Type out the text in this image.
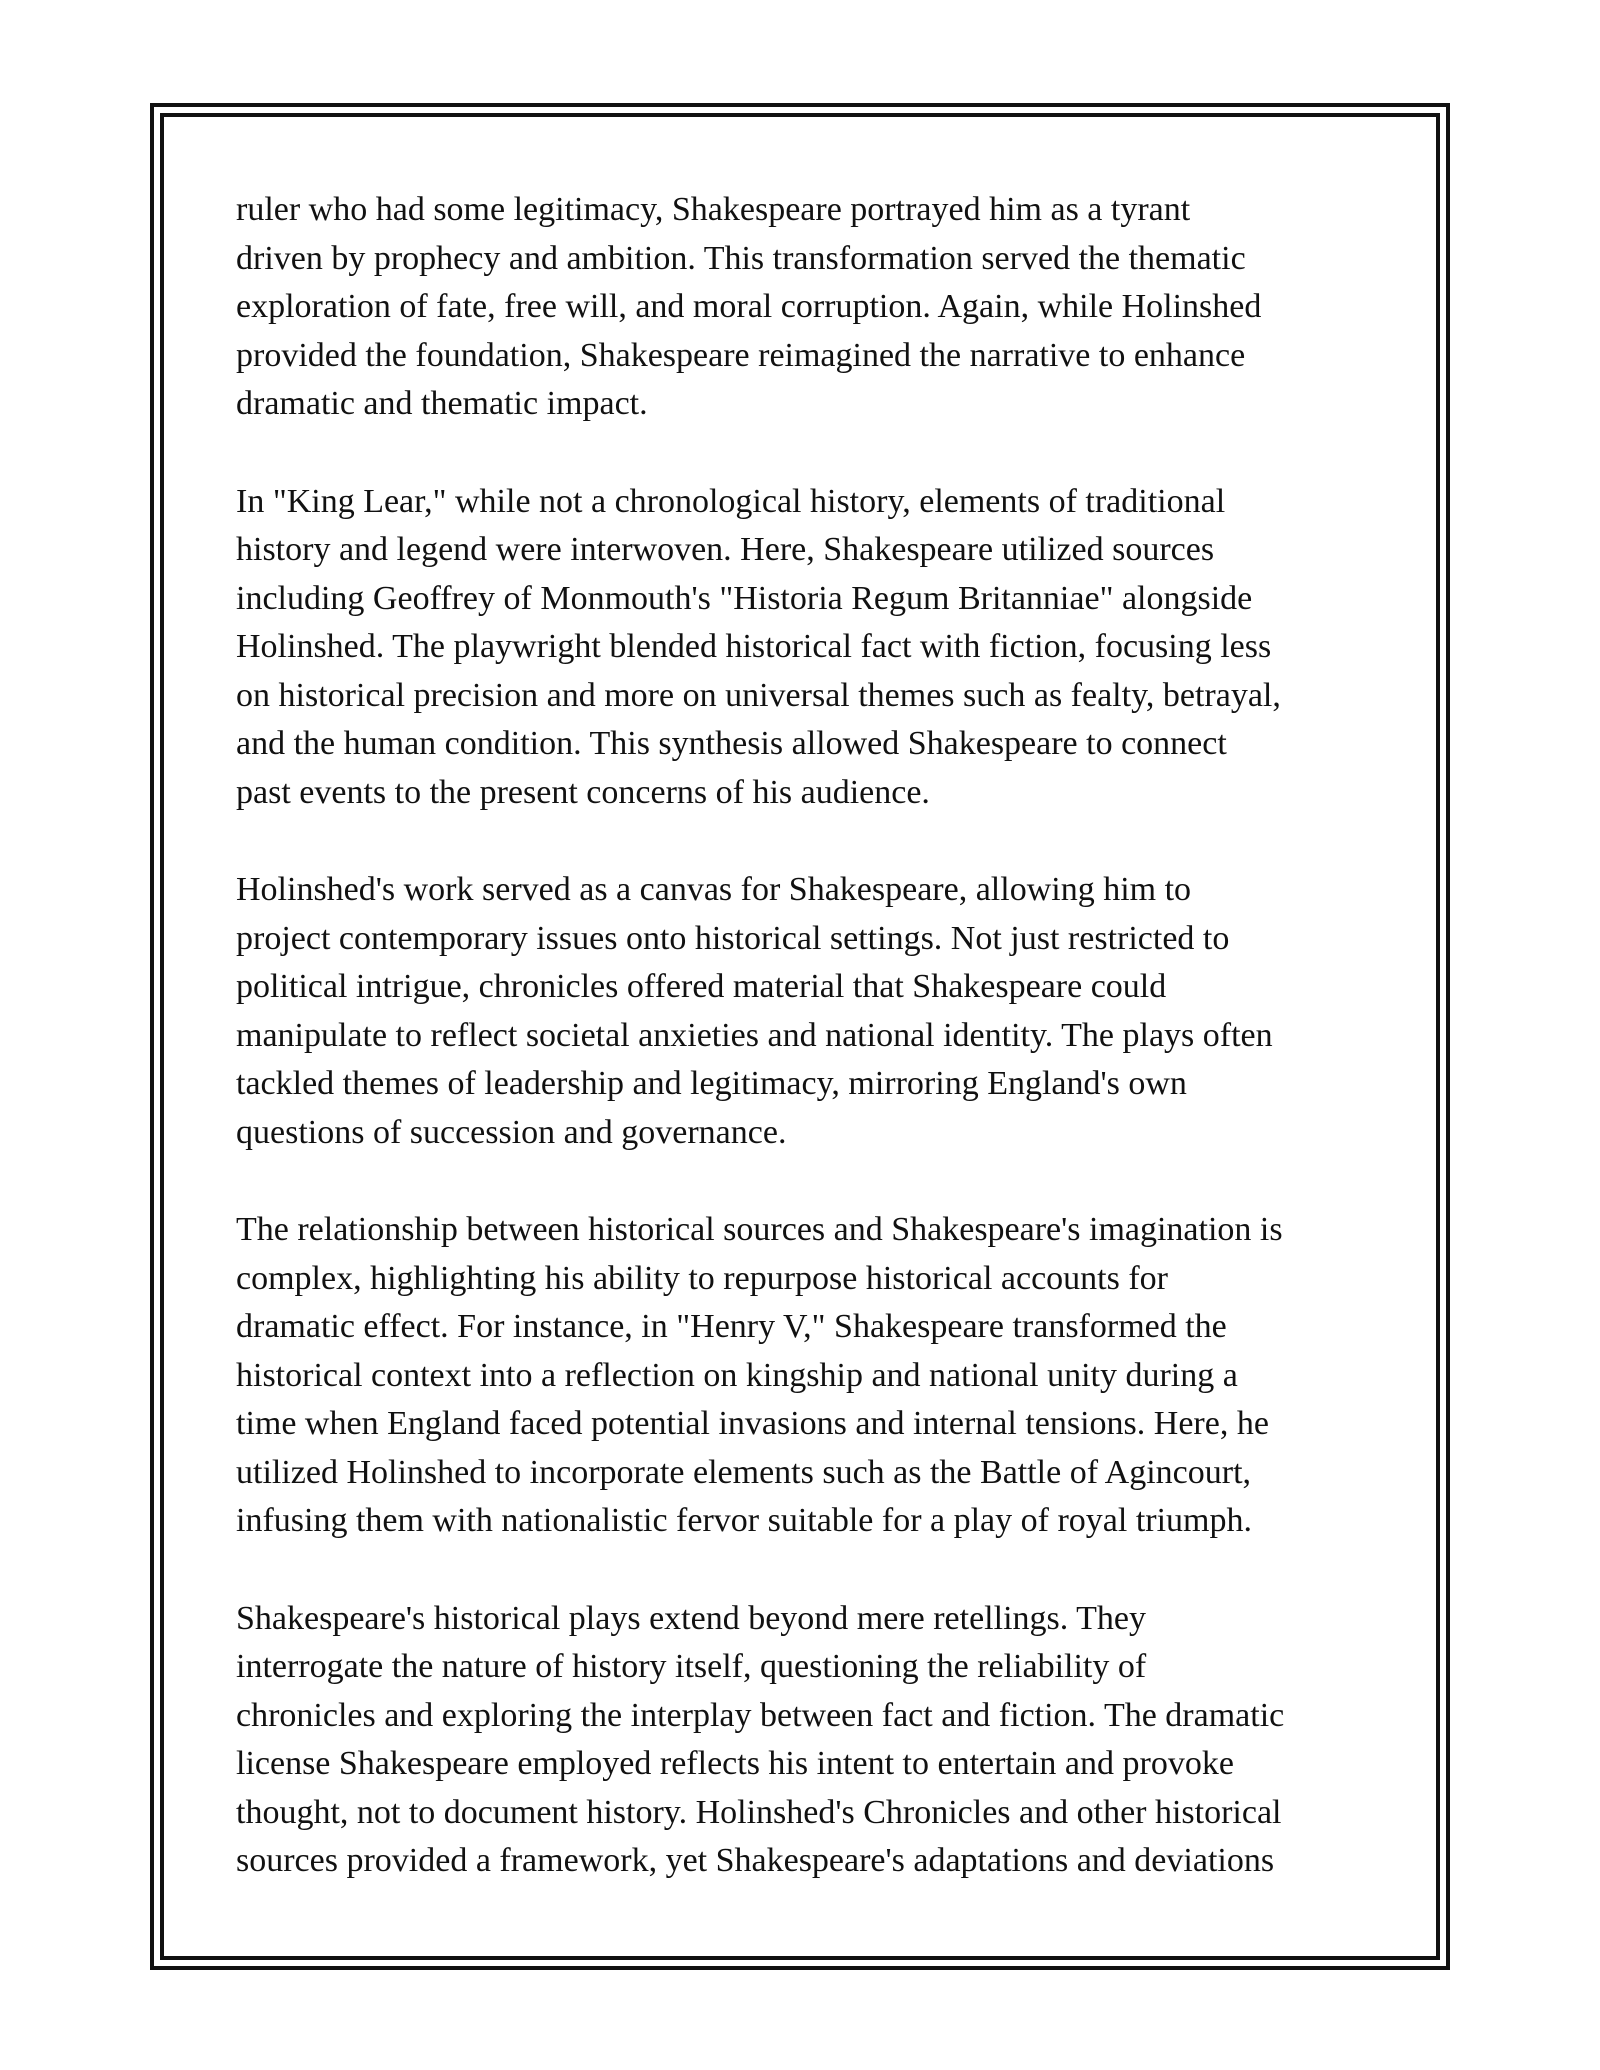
ruler who had some legitimacy, Shakespeare portrayed him as a tyrant
driven by prophecy and ambition. This transformation served the thematic
exploration of fate, free will, and moral corruption. Again, while Holinshed
provided the foundation, Shakespeare reimagined the narrative to enhance
dramatic and thematic impact.

In "King Lear," while not a chronological history, elements of traditional
history and legend were interwoven. Here, Shakespeare utilized sources
including Geoffrey of Monmouth's "Historia Regum Britanniae" alongside
Holinshed. The playwright blended historical fact with fiction, focusing less
on historical precision and more on universal themes such as fealty, betrayal,
and the human condition. This synthesis allowed Shakespeare to connect
past events to the present concerns of his audience.

Holinshed's work served as a canvas for Shakespeare, allowing him to
project contemporary issues onto historical settings. Not just restricted to
political intrigue, chronicles offered material that Shakespeare could
manipulate to reflect societal anxieties and national identity. The plays often
tackled themes of leadership and legitimacy, mirroring England's own
questions of succession and governance.

The relationship between historical sources and Shakespeare's imagination is
complex, highlighting his ability to repurpose historical accounts for
dramatic effect. For instance, in "Henry V," Shakespeare transformed the
historical context into a reflection on kingship and national unity during a
time when England faced potential invasions and internal tensions. Here, he
utilized Holinshed to incorporate elements such as the Battle of Agincourt,
infusing them with nationalistic fervor suitable for a play of royal triumph.

Shakespeare's historical plays extend beyond mere retellings. They
interrogate the nature of history itself, questioning the reliability of
chronicles and exploring the interplay between fact and fiction. The dramatic
license Shakespeare employed reflects his intent to entertain and provoke
thought, not to document history. Holinshed's Chronicles and other historical
sources provided a framework, yet Shakespeare's adaptations and deviations
